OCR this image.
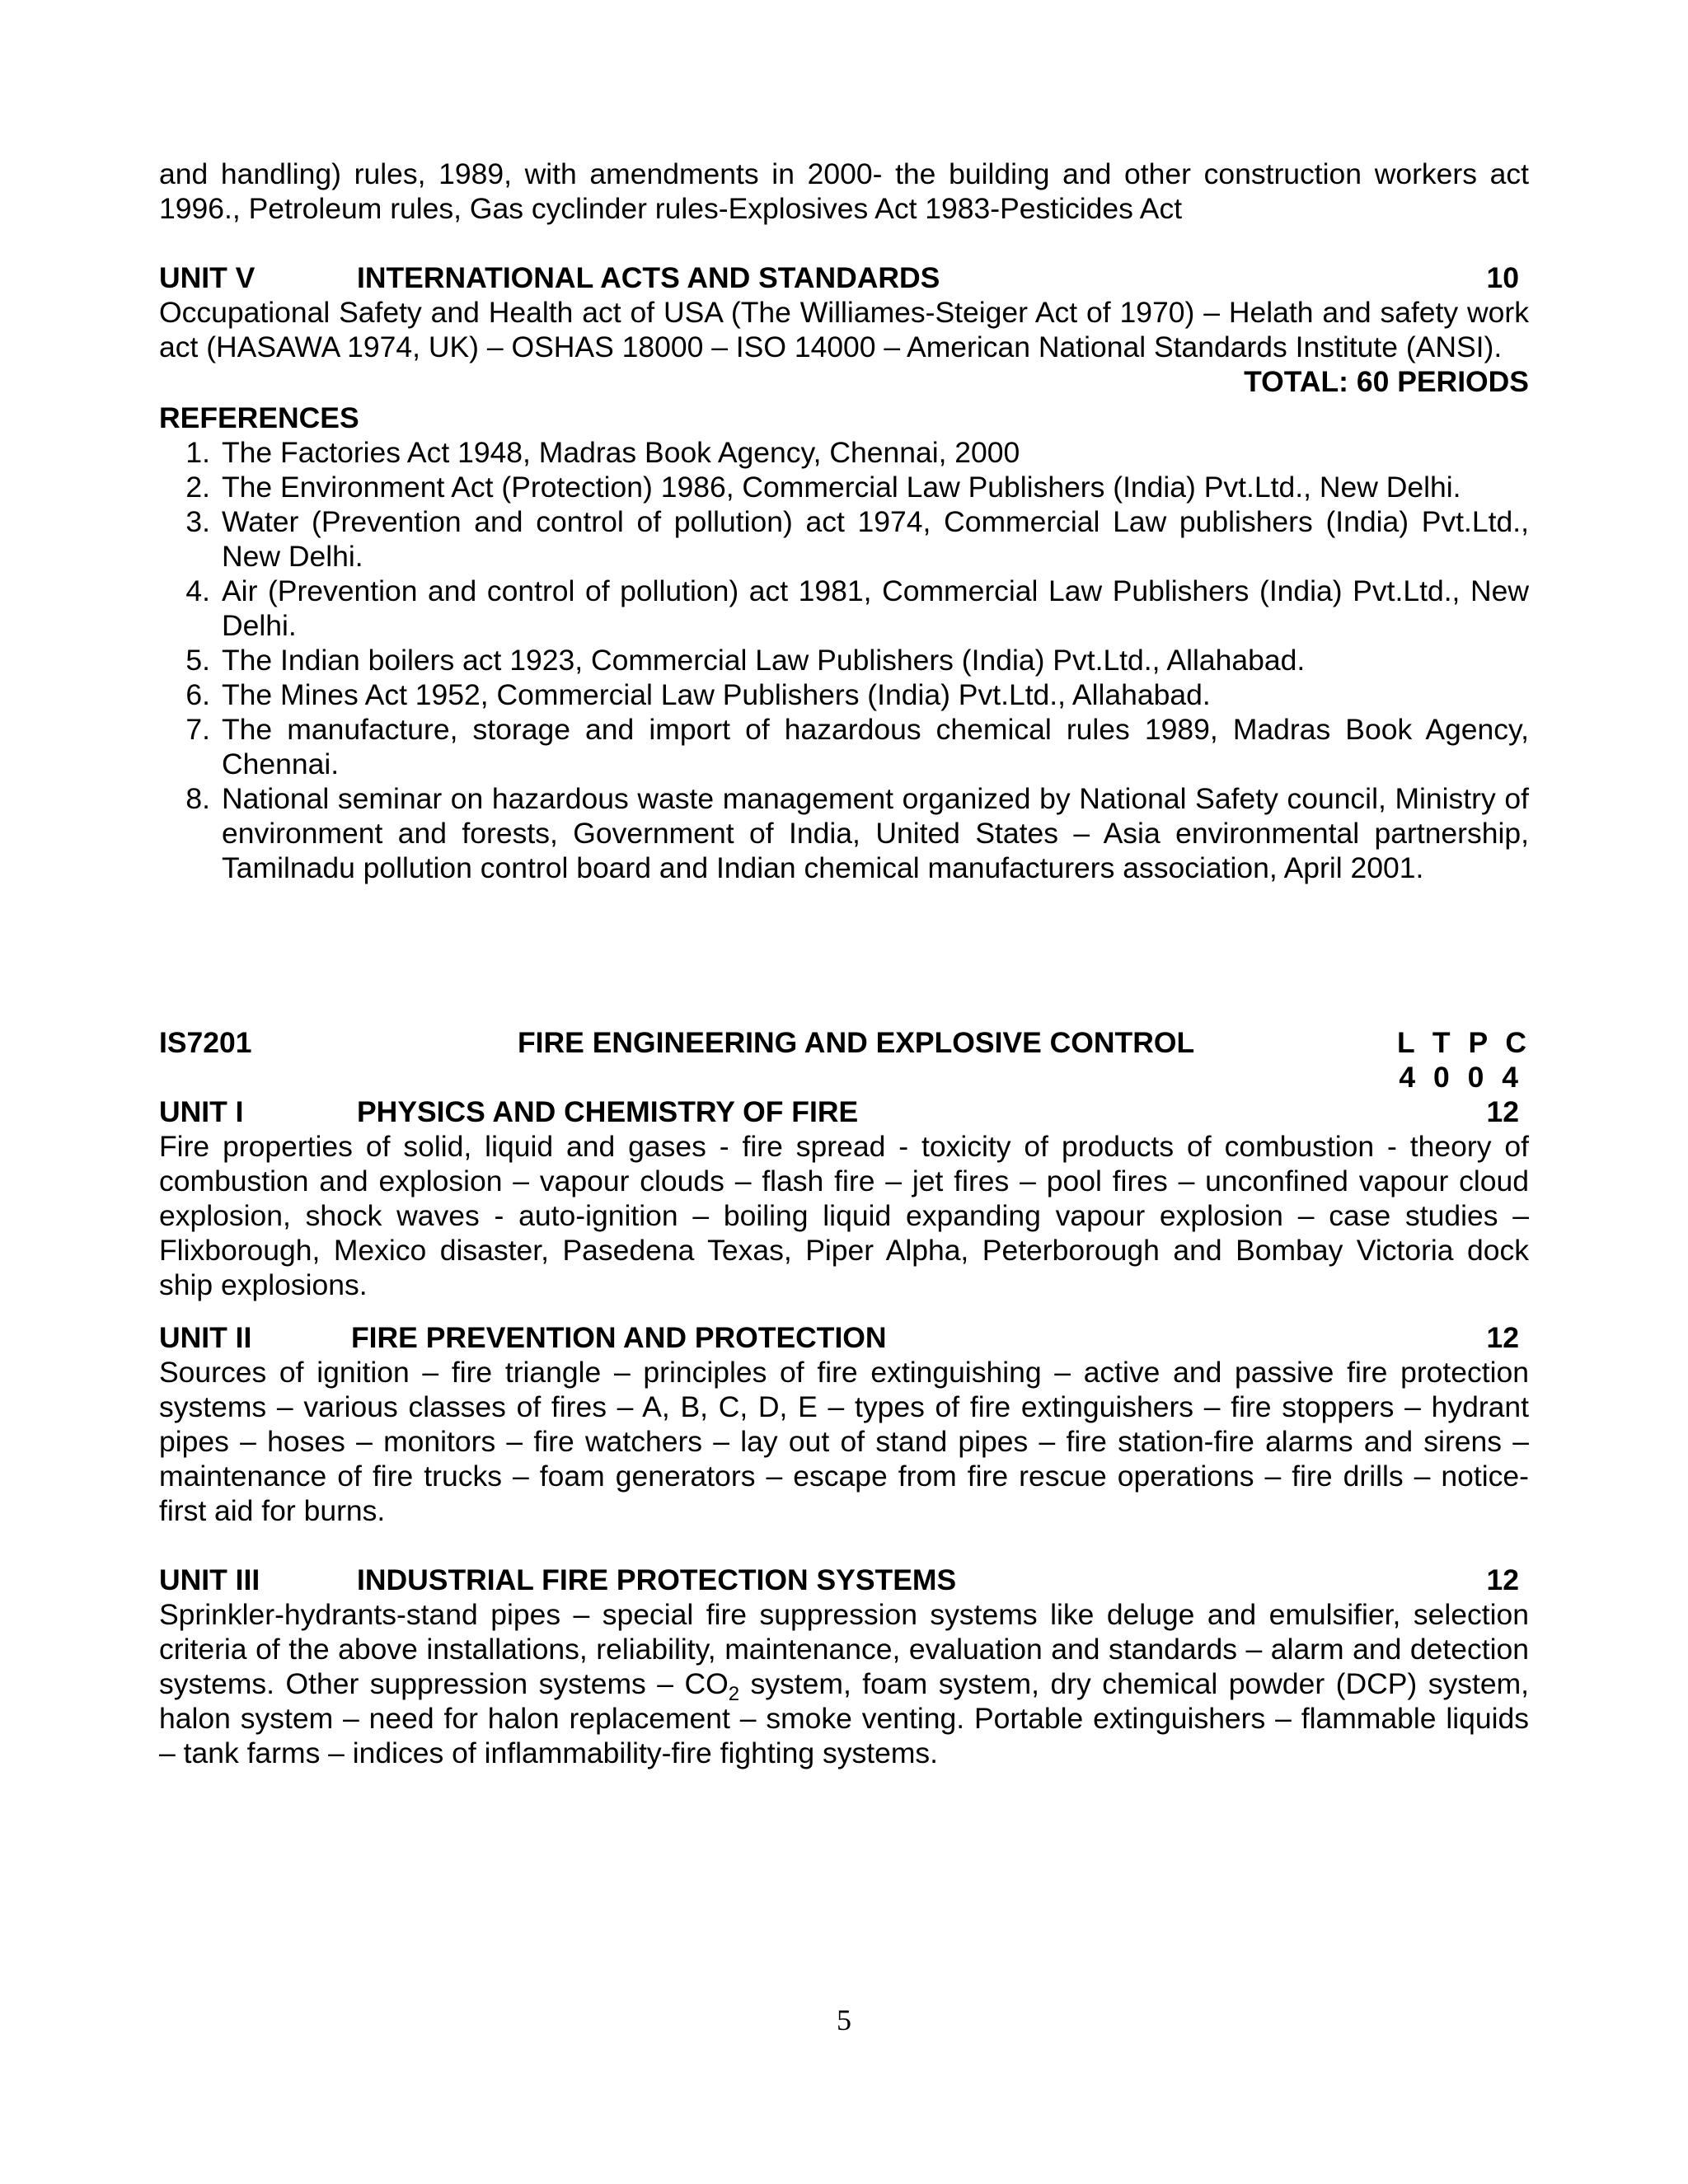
and handling) rules, 1989, with amendments in 2000- the building and other construction workers act 1996., Petroleum rules, Gas cyclinder rules-Explosives Act 1983-Pesticides Act

UNIT V	INTERNATIONAL ACTS AND STANDARDS	10

Occupational Safety and Health act of USA (The Williames-Steiger Act of 1970) – Helath and safety work act (HASAWA 1974, UK) – OSHAS 18000 – ISO 14000 – American National Standards Institute (ANSI).

TOTAL: 60 PERIODS
REFERENCES
1. The Factories Act 1948, Madras Book Agency, Chennai, 2000
2. The Environment Act (Protection) 1986, Commercial Law Publishers (India) Pvt.Ltd., New Delhi.
3. Water (Prevention and control of pollution) act 1974, Commercial Law publishers (India) Pvt.Ltd., New Delhi.
4. Air (Prevention and control of pollution) act 1981, Commercial Law Publishers (India) Pvt.Ltd., New Delhi.
5. The Indian boilers act 1923, Commercial Law Publishers (India) Pvt.Ltd., Allahabad.
6. The Mines Act 1952, Commercial Law Publishers (India) Pvt.Ltd., Allahabad.
7. The manufacture, storage and import of hazardous chemical rules 1989, Madras Book Agency, Chennai.
8. National seminar on hazardous waste management organized by National Safety council, Ministry of environment and forests, Government of India, United States – Asia environmental partnership, Tamilnadu pollution control board and Indian chemical manufacturers association, April 2001.
IS7201	FIRE ENGINEERING AND EXPLOSIVE CONTROL	L T P C
4 0 0 4
UNIT I	PHYSICS AND CHEMISTRY OF FIRE	12

Fire properties of solid, liquid and gases - fire spread - toxicity of products of combustion - theory of combustion and explosion – vapour clouds – flash fire – jet fires – pool fires – unconfined vapour cloud explosion, shock waves - auto-ignition – boiling liquid expanding vapour explosion – case studies – Flixborough, Mexico disaster, Pasedena Texas, Piper Alpha, Peterborough and Bombay Victoria dock ship explosions.

UNIT II	FIRE PREVENTION AND PROTECTION	12

Sources of ignition – fire triangle – principles of fire extinguishing – active and passive fire protection systems – various classes of fires – A, B, C, D, E – types of fire extinguishers – fire stoppers – hydrant pipes – hoses – monitors – fire watchers – lay out of stand pipes – fire station-fire alarms and sirens – maintenance of fire trucks – foam generators – escape from fire rescue operations – fire drills – notice-first aid for burns.

UNIT III	INDUSTRIAL FIRE PROTECTION SYSTEMS	12

Sprinkler-hydrants-stand pipes – special fire suppression systems like deluge and emulsifier, selection criteria of the above installations, reliability, maintenance, evaluation and standards – alarm and detection systems. Other suppression systems – $CO_2$ system, foam system, dry chemical powder (DCP) system, halon system – need for halon replacement – smoke venting. Portable extinguishers – flammable liquids – tank farms – indices of inflammability-fire fighting systems.

5
